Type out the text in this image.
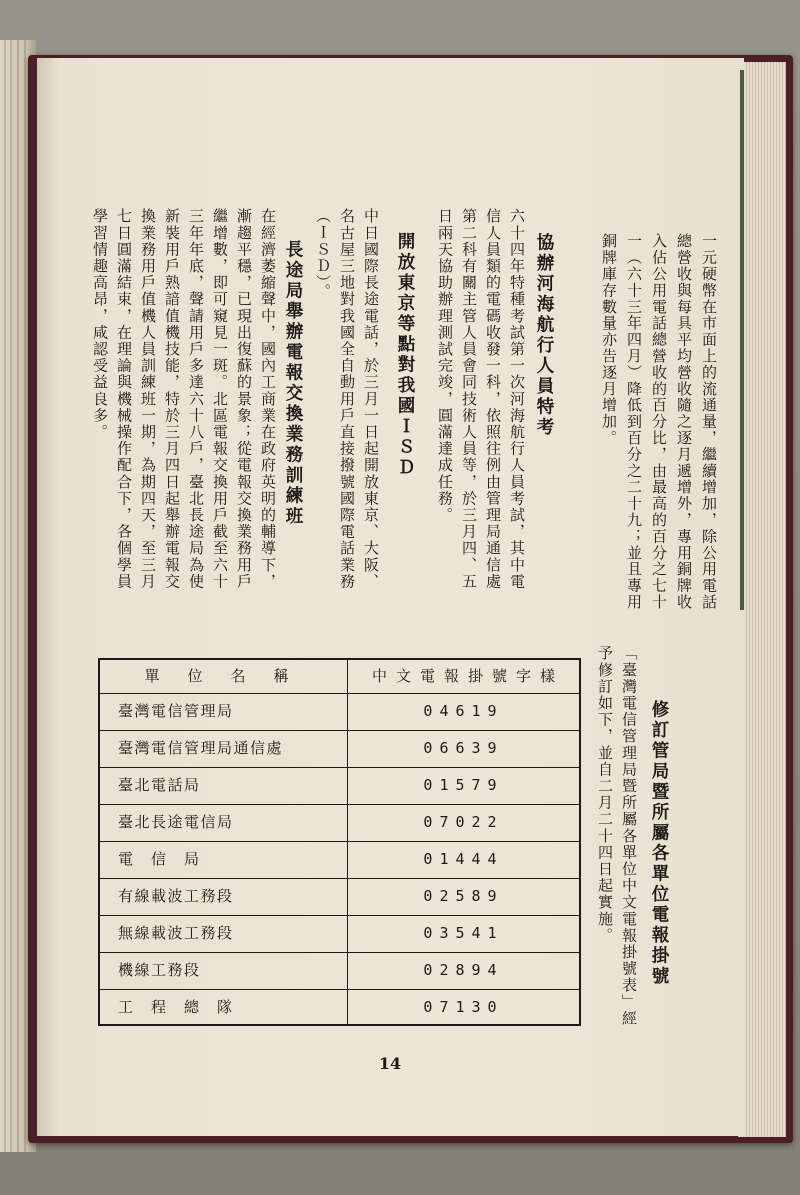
一元硬幣在市面上的流通量，繼續增加，除公用電話總營收與每具平均營收隨之逐月遞增外，專用銅牌收入佔公用電話總營收的百分比，由最高的百分之七十一（六十三年四月）降低到百分之二十九；並且專用銅牌庫存數量亦告逐月增加。
協辦河海航行人員特考
六十四年特種考試第一次河海航行人員考試，其中電信人員類的電碼收發一科，依照往例由管理局通信處第二科有關主管人員會同技術人員等，於三月四、五日兩天協助辦理測試完竣，圓滿達成任務。
開放東京等點對我國ＩＳＤ
中日國際長途電話，於三月一日起開放東京、大阪、名古屋三地對我國全自動用戶直接撥號國際電話業務（ＩＳＤ）。
長途局舉辦電報交換業務訓練班
在經濟萎縮聲中，國內工商業在政府英明的輔導下，漸趨平穩，已現出復蘇的景象；從電報交換業務用戶繼增數，即可窺見一斑。北區電報交換用戶截至六十三年年底，聲請用戶多達六十八戶，臺北長途局為使新裝用戶熟諳值機技能，特於三月四日起舉辦電報交換業務用戶值機人員訓練班一期，為期四天，至三月七日圓滿結束，在理論與機械操作配合下，各個學員學習情趣高昂，咸認受益良多。
修訂管局暨所屬各單位電報掛號
「臺灣電信管理局暨所屬各單位中文電報掛號表」經予修訂如下，並自二月二十四日起實施。
單位名稱	中文電報掛號字樣
臺灣電信管理局	04619
臺灣電信管理局通信處	06639
臺北電話局	01579
臺北長途電信局	07022
電　信　局	01444
有線載波工務段	02589
無線載波工務段	03541
機線工務段	02894
工　程　總　隊	07130
14
